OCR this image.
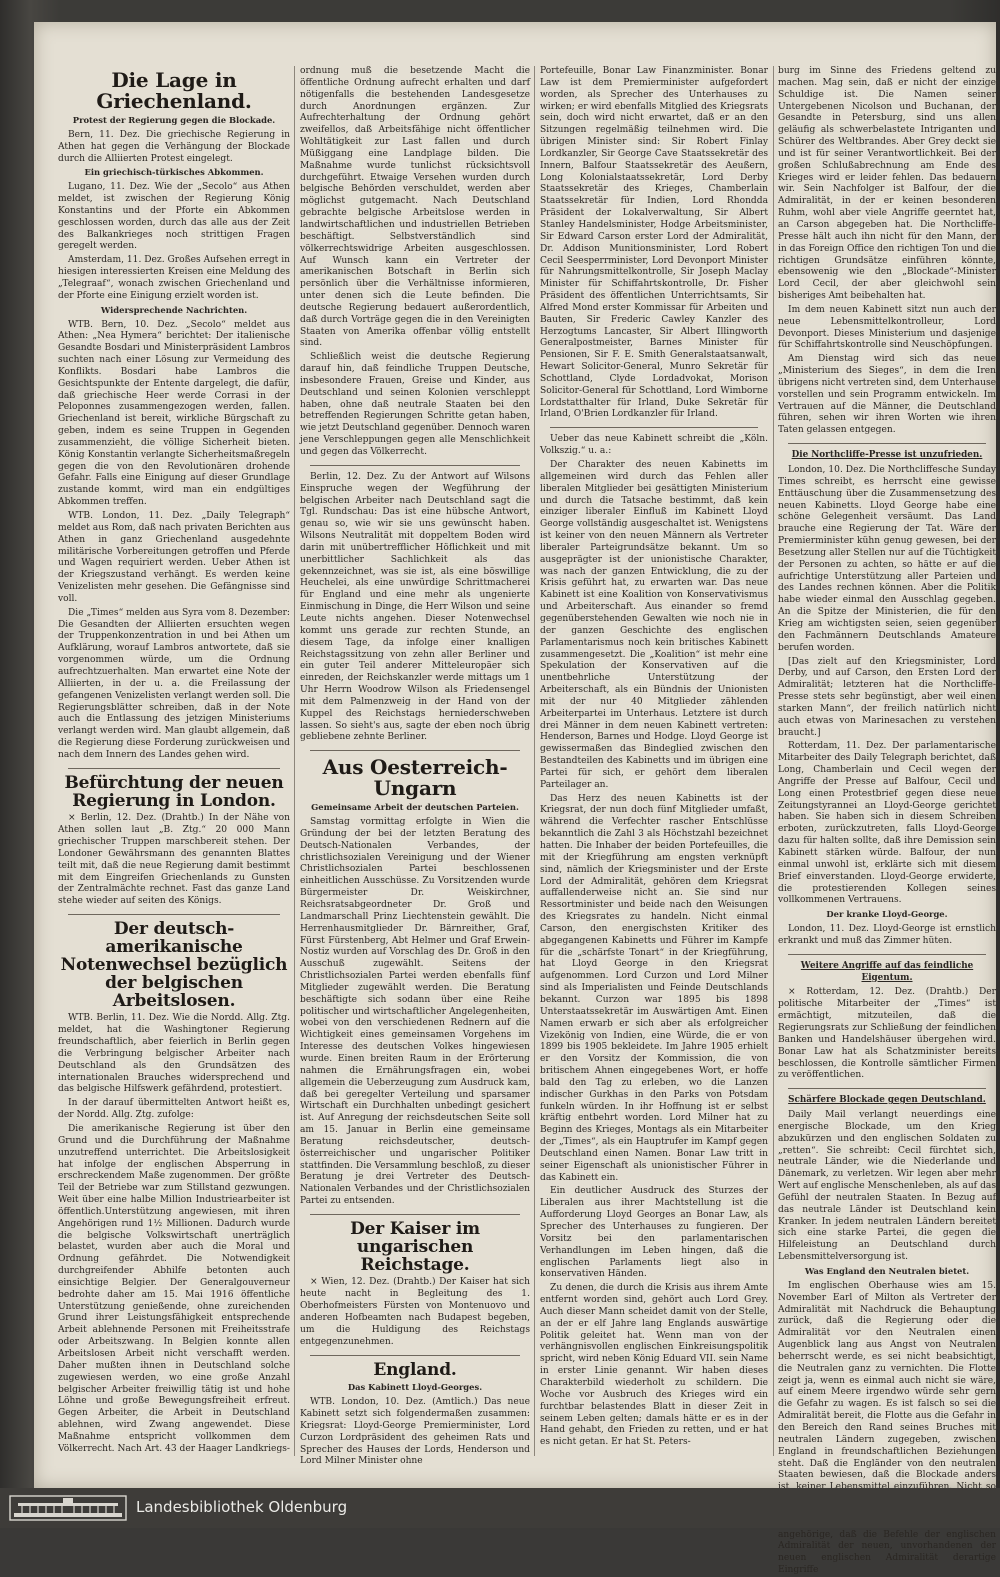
Die Lage in Griechenland.
Protest der Regierung gegen die Blockade.

Bern, 11. Dez. Die griechische Regierung in Athen hat gegen die Verhängung der Blockade durch die Alliierten Protest eingelegt.

Ein griechisch-türkisches Abkommen.

Lugano, 11. Dez. Wie der „Secolo“ aus Athen meldet, ist zwischen der Regierung König Konstantins und der Pforte ein Abkommen geschlossen worden, durch das alle aus der Zeit des Balkankrieges noch strittigen Fragen geregelt werden.

Amsterdam, 11. Dez. Großes Aufsehen erregt in hiesigen interessierten Kreisen eine Meldung des „Telegraaf“, wonach zwischen Griechenland und der Pforte eine Einigung erzielt worden ist.

Widersprechende Nachrichten.

WTB. Bern, 10. Dez. „Secolo“ meldet aus Athen: „Nea Hymera“ berichtet: Der italienische Gesandte Bosdari und Ministerpräsident Lambros suchten nach einer Lösung zur Vermeidung des Konflikts. Bosdari habe Lambros die Gesichtspunkte der Entente dargelegt, die dafür, daß griechische Heer werde Corrasi in der Peloponnes zusammengezogen werden, fallen. Griechenland ist bereit, wirkliche Bürgschaft zu geben, indem es seine Truppen in Gegenden zusammenzieht, die völlige Sicherheit bieten. König Konstantin verlangte Sicherheitsmaßregeln gegen die von den Revolutionären drohende Gefahr. Falls eine Einigung auf dieser Grundlage zustande kommt, wird man ein endgültiges Abkommen treffen.

WTB. London, 11. Dez. „Daily Telegraph“ meldet aus Rom, daß nach privaten Berichten aus Athen in ganz Griechenland ausgedehnte militärische Vorbereitungen getroffen und Pferde und Wagen requiriert werden. Ueber Athen ist der Kriegszustand verhängt. Es werden keine Venizelisten mehr gesehen. Die Gefängnisse sind voll.

Die „Times“ melden aus Syra vom 8. Dezember: Die Gesandten der Alliierten ersuchten wegen der Truppenkonzentration in und bei Athen um Aufklärung, worauf Lambros antwortete, daß sie vorgenommen würde, um die Ordnung aufrechtzuerhalten. Man erwartet eine Note der Alliierten, in der u. a. die Freilassung der gefangenen Venizelisten verlangt werden soll. Die Regierungsblätter schreiben, daß in der Note auch die Entlassung des jetzigen Ministeriums verlangt werden wird. Man glaubt allgemein, daß die Regierung diese Forderung zurückweisen und nach dem Innern des Landes gehen wird.

Befürchtung der neuen Regierung in London.

× Berlin, 12. Dez. (Drahtb.) In der Nähe von Athen sollen laut „B. Ztg.“ 20 000 Mann griechischer Truppen marschbereit stehen. Der Londoner Gewährsmann des genannten Blattes teilt mit, daß die neue Regierung damit bestimmt mit dem Eingreifen Griechenlands zu Gunsten der Zentralmächte rechnet. Fast das ganze Land stehe wieder auf seiten des Königs.

Der deutsch-amerikanische Notenwechsel bezüglich der belgischen Arbeitslosen.

WTB. Berlin, 11. Dez. Wie die Nordd. Allg. Ztg. meldet, hat die Washingtoner Regierung freundschaftlich, aber feierlich in Berlin gegen die Verbringung belgischer Arbeiter nach Deutschland als den Grundsätzen des internationalen Brauches widersprechend und das belgische Hilfswerk gefährdend, protestiert.

In der darauf übermittelten Antwort heißt es, der Nordd. Allg. Ztg. zufolge:

Die amerikanische Regierung ist über den Grund und die Durchführung der Maßnahme unzutreffend unterrichtet. Die Arbeitslosigkeit hat infolge der englischen Absperrung in erschreckendem Maße zugenommen. Der größte Teil der Betriebe war zum Stillstand gezwungen. Weit über eine halbe Million Industriearbeiter ist öffentlich.Unterstützung angewiesen, mit ihren Angehörigen rund 1½ Millionen. Dadurch wurde die belgische Volkswirtschaft unerträglich belastet, wurden aber auch die Moral und Ordnung gefährdet. Die Notwendigkeit durchgreifender Abhilfe betonten auch einsichtige Belgier. Der Generalgouverneur bedrohte daher am 15. Mai 1916 öffentliche Unterstützung genießende, ohne zureichenden Grund ihrer Leistungsfähigkeit entsprechende Arbeit ablehnende Personen mit Freiheitsstrafe oder Arbeitszwang. In Belgien konnte allen Arbeitslosen Arbeit nicht verschafft werden. Daher mußten ihnen in Deutschland solche zugewiesen werden, wo eine große Anzahl belgischer Arbeiter freiwillig tätig ist und hohe Löhne und große Bewegungsfreiheit erfreut. Gegen Arbeiter, die Arbeit in Deutschland ablehnen, wird Zwang angewendet. Diese Maßnahme entspricht vollkommen dem Völkerrecht. Nach Art. 43 der Haager Landkriegs-

ordnung muß die besetzende Macht die öffentliche Ordnung aufrecht erhalten und darf nötigenfalls die bestehenden Landesgesetze durch Anordnungen ergänzen. Zur Aufrechterhaltung der Ordnung gehört zweifellos, daß Arbeitsfähige nicht öffentlicher Wohltätigkeit zur Last fallen und durch Müßiggang eine Landplage bilden. Die Maßnahme wurde tunlichst rücksichtsvoll durchgeführt. Etwaige Versehen wurden durch belgische Behörden verschuldet, werden aber möglichst gutgemacht. Nach Deutschland gebrachte belgische Arbeitslose werden in landwirtschaftlichen und industriellen Betrieben beschäftigt. Selbstverständlich sind völkerrechtswidrige Arbeiten ausgeschlossen. Auf Wunsch kann ein Vertreter der amerikanischen Botschaft in Berlin sich persönlich über die Verhältnisse informieren, unter denen sich die Leute befinden. Die deutsche Regierung bedauert außerordentlich, daß durch Vorträge gegen die in den Vereinigten Staaten von Amerika offenbar völlig entstellt sind.

Schließlich weist die deutsche Regierung darauf hin, daß feindliche Truppen Deutsche, insbesondere Frauen, Greise und Kinder, aus Deutschland und seinen Kolonien verschleppt haben, ohne daß neutrale Staaten bei den betreffenden Regierungen Schritte getan haben, wie jetzt Deutschland gegenüber. Dennoch waren jene Verschleppungen gegen alle Menschlichkeit und gegen das Völkerrecht.

Berlin, 12. Dez. Zu der Antwort auf Wilsons Einspruche wegen der Wegführung der belgischen Arbeiter nach Deutschland sagt die Tgl. Rundschau: Das ist eine hübsche Antwort, genau so, wie wir sie uns gewünscht haben. Wilsons Neutralität mit doppeltem Boden wird darin mit unübertrefflicher Höflichkeit und mit unerbittlicher Sachlichkeit als das gekennzeichnet, was sie ist, als eine böswillige Heuchelei, als eine unwürdige Schrittmacherei für England und eine mehr als ungenierte Einmischung in Dinge, die Herr Wilson und seine Leute nichts angehen. Dieser Notenwechsel kommt uns gerade zur rechten Stunde, an diesem Tage, da infolge einer knalligen Reichstagssitzung von zehn aller Berliner und ein guter Teil anderer Mitteleuropäer sich einreden, der Reichskanzler werde mittags um 1 Uhr Herrn Woodrow Wilson als Friedensengel mit dem Palmenzweig in der Hand von der Kuppel des Reichstags herniederschweben lassen. So sieht's aus, sagte der eben noch übrig gebliebene zehnte Berliner.

Aus Oesterreich-Ungarn
Gemeinsame Arbeit der deutschen Parteien.

Samstag vormittag erfolgte in Wien die Gründung der bei der letzten Beratung des Deutsch-Nationalen Verbandes, der christlichsozialen Vereinigung und der Wiener Christlichsozialen Partei beschlossenen einheitlichen Ausschüsse. Zu Vorsitzenden wurde Bürgermeister Dr. Weiskirchner, Reichsratsabgeordneter Dr. Groß und Landmarschall Prinz Liechtenstein gewählt. Die Herrenhausmitglieder Dr. Bärnreither, Graf, Fürst Fürstenberg, Abt Helmer und Graf Erwein-Nostiz wurden auf Vorschlag des Dr. Groß in den Ausschuß zugewählt. Seitens der Christlichsozialen Partei werden ebenfalls fünf Mitglieder zugewählt werden. Die Beratung beschäftigte sich sodann über eine Reihe politischer und wirtschaftlicher Angelegenheiten, wobei von den verschiedenen Rednern auf die Wichtigkeit eines gemeinsamen Vorgehens im Interesse des deutschen Volkes hingewiesen wurde. Einen breiten Raum in der Erörterung nahmen die Ernährungsfragen ein, wobei allgemein die Ueberzeugung zum Ausdruck kam, daß bei geregelter Verteilung und sparsamer Wirtschaft ein Durchhalten unbedingt gesichert ist. Auf Anregung der reichsdeutschen Seite soll am 15. Januar in Berlin eine gemeinsame Beratung reichsdeutscher, deutsch-österreichischer und ungarischer Politiker stattfinden. Die Versammlung beschloß, zu dieser Beratung je drei Vertreter des Deutsch-Nationalen Verbandes und der Christlichsozialen Partei zu entsenden.

Der Kaiser im ungarischen Reichstage.

× Wien, 12. Dez. (Drahtb.) Der Kaiser hat sich heute nacht in Begleitung des 1. Oberhofmeisters Fürsten von Montenuovo und anderen Hofbeamten nach Budapest begeben, um die Huldigung des Reichstags entgegenzunehmen.

England.
Das Kabinett Lloyd-Georges.

WTB. London, 10. Dez. (Amtlich.) Das neue Kabinett setzt sich folgendermaßen zusammen: Kriegsrat: Lloyd-George Premierminister, Lord Curzon Lordpräsident des geheimen Rats und Sprecher des Hauses der Lords, Henderson und Lord Milner Minister ohne

Portefeuille, Bonar Law Finanzminister. Bonar Law ist dem Premierminister aufgefordert worden, als Sprecher des Unterhauses zu wirken; er wird ebenfalls Mitglied des Kriegsrats sein, doch wird nicht erwartet, daß er an den Sitzungen regelmäßig teilnehmen wird. Die übrigen Minister sind: Sir Robert Finlay Lordkanzler, Sir George Cave Staatssekretär des Innern, Balfour Staatssekretär des Aeußern, Long Kolonialstaatssekretär, Lord Derby Staatssekretär des Krieges, Chamberlain Staatssekretär für Indien, Lord Rhondda Präsident der Lokalverwaltung, Sir Albert Stanley Handelsminister, Hodge Arbeitsminister, Sir Edward Carson erster Lord der Admiralität, Dr. Addison Munitionsminister, Lord Robert Cecil Seesperrminister, Lord Devonport Minister für Nahrungsmittelkontrolle, Sir Joseph Maclay Minister für Schiffahrtskontrolle, Dr. Fisher Präsident des öffentlichen Unterrichtsamts, Sir Alfred Mond erster Kommissar für Arbeiten und Bauten, Sir Frederic Cawley Kanzler des Herzogtums Lancaster, Sir Albert Illingworth Generalpostmeister, Barnes Minister für Pensionen, Sir F. E. Smith Generalstaatsanwalt, Hewart Solicitor-General, Munro Sekretär für Schottland, Clyde Lordadvokat, Morison Solicitor-General für Schottland, Lord Wimborne Lordstatthalter für Irland, Duke Sekretär für Irland, O'Brien Lordkanzler für Irland.

Ueber das neue Kabinett schreibt die „Köln. Volkszig.“ u. a.:

Der Charakter des neuen Kabinetts im allgemeinen wird durch das Fehlen aller liberalen Mitglieder bei gesättigten Ministerium und durch die Tatsache bestimmt, daß kein einziger liberaler Einfluß im Kabinett Lloyd George vollständig ausgeschaltet ist. Wenigstens ist keiner von den neuen Männern als Vertreter liberaler Parteigrundsätze bekannt. Um so ausgeprägter ist der unionistische Charakter, was nach der ganzen Entwicklung, die zu der Krisis geführt hat, zu erwarten war. Das neue Kabinett ist eine Koalition von Konservativismus und Arbeiterschaft. Aus einander so fremd gegenüberstehenden Gewalten wie noch nie in der ganzen Geschichte des englischen Parlamentarismus noch kein britisches Kabinett zusammengesetzt. Die „Koalition“ ist mehr eine Spekulation der Konservativen auf die unentbehrliche Unterstützung der Arbeiterschaft, als ein Bündnis der Unionisten mit der nur 40 Mitglieder zählenden Arbeiterpartei im Unterhaus. Letztere ist durch drei Männer in dem neuen Kabinett vertreten: Henderson, Barnes und Hodge. Lloyd George ist gewissermaßen das Bindeglied zwischen den Bestandteilen des Kabinetts und im übrigen eine Partei für sich, er gehört dem liberalen Parteilager an.

Das Herz des neuen Kabinetts ist der Kriegsrat, der nun doch fünf Mitglieder umfaßt, während die Verfechter rascher Entschlüsse bekanntlich die Zahl 3 als Höchstzahl bezeichnet hatten. Die Inhaber der beiden Portefeuilles, die mit der Kriegführung am engsten verknüpft sind, nämlich der Kriegsminister und der Erste Lord der Admiralität, gehören dem Kriegsrat auffallenderweise nicht an. Sie sind nur Ressortminister und beide nach den Weisungen des Kriegsrates zu handeln. Nicht einmal Carson, den energischsten Kritiker des abgegangenen Kabinetts und Führer im Kampfe für die „schärfste Tonart“ in der Kriegführung, hat Lloyd George in den Kriegsrat aufgenommen. Lord Curzon und Lord Milner sind als Imperialisten und Feinde Deutschlands bekannt. Curzon war 1895 bis 1898 Unterstaatssekretär im Auswärtigen Amt. Einen Namen erwarb er sich aber als erfolgreicher Vizekönig von Indien, eine Würde, die er von 1899 bis 1905 bekleidete. Im Jahre 1905 erhielt er den Vorsitz der Kommission, die von britischem Ahnen eingegebenes Wort, er hoffe bald den Tag zu erleben, wo die Lanzen indischer Gurkhas in den Parks von Potsdam funkeln würden. In ihr Hoffnung ist er selbst kräftig entbehrt worden. Lord Milner hat zu Beginn des Krieges, Montags als ein Mitarbeiter der „Times“, als ein Hauptrufer im Kampf gegen Deutschland einen Namen. Bonar Law tritt in seiner Eigenschaft als unionistischer Führer in das Kabinett ein.

Ein deutlicher Ausdruck des Sturzes der Liberalen aus ihrer Machtstellung ist die Aufforderung Lloyd Georges an Bonar Law, als Sprecher des Unterhauses zu fungieren. Der Vorsitz bei den parlamentarischen Verhandlungen im Leben hingen, daß die englischen Parlaments liegt also in konservativen Händen.

Zu denen, die durch die Krisis aus ihrem Amte entfernt worden sind, gehört auch Lord Grey. Auch dieser Mann scheidet damit von der Stelle, an der er elf Jahre lang Englands auswärtige Politik geleitet hat. Wenn man von der verhängnisvollen englischen Einkreisungspolitik spricht, wird neben König Eduard VII. sein Name in erster Linie genannt. Wir haben dieses Charakterbild wiederholt zu schildern. Die Woche vor Ausbruch des Krieges wird ein furchtbar belastendes Blatt in dieser Zeit in seinem Leben gelten; damals hätte er es in der Hand gehabt, den Frieden zu retten, und er hat es nicht getan. Er hat St. Peters-

burg im Sinne des Friedens geltend zu machen. Mag sein, daß er nicht der einzige Schuldige ist. Die Namen seiner Untergebenen Nicolson und Buchanan, der Gesandte in Petersburg, sind uns allen geläufig als schwerbelastete Intriganten und Schürer des Weltbrandes. Aber Grey deckt sie und ist für seiner Verantwortlichkeit. Bei der großen Schlußabrechnung am Ende des Krieges wird er leider fehlen. Das bedauern wir. Sein Nachfolger ist Balfour, der die Admiralität, in der er keinen besonderen Ruhm, wohl aber viele Angriffe geerntet hat, an Carson abgegeben hat. Die Northcliffe-Presse hält auch ihn nicht für den Mann, der in das Foreign Office den richtigen Ton und die richtigen Grundsätze einführen könnte, ebensowenig wie den „Blockade“-Minister Lord Cecil, der aber gleichwohl sein bisheriges Amt beibehalten hat.

Im dem neuen Kabinett sitzt nun auch der neue Lebensmittelkontrolleur, Lord Devonport. Dieses Ministerium und dasjenige für Schiffahrtskontrolle sind Neuschöpfungen.

Am Dienstag wird sich das neue „Ministerium des Sieges“, in dem die Iren übrigens nicht vertreten sind, dem Unterhause vorstellen und sein Programm entwickeln. Im Vertrauen auf die Männer, die Deutschland führen, sehen wir ihren Worten wie ihren Taten gelassen entgegen.

Die Northcliffe-Presse ist unzufrieden.

London, 10. Dez. Die Northcliffesche Sunday Times schreibt, es herrscht eine gewisse Enttäuschung über die Zusammensetzung des neuen Kabinetts. Lloyd George habe eine schöne Gelegenheit versäumt. Das Land brauche eine Regierung der Tat. Wäre der Premierminister kühn genug gewesen, bei der Besetzung aller Stellen nur auf die Tüchtigkeit der Personen zu achten, so hätte er auf die aufrichtige Unterstützung aller Parteien und des Landes rechnen können. Aber die Politik habe wieder einmal den Ausschlag gegeben. An die Spitze der Ministerien, die für den Krieg am wichtigsten seien, seien gegenüber den Fachmännern Deutschlands Amateure berufen worden.

[Das zielt auf den Kriegsminister, Lord Derby, und auf Carson, den Ersten Lord der Admiralität; letzteren hat die Northcliffe-Presse stets sehr begünstigt, aber weil einen starken Mann“, der freilich natürlich nicht auch etwas von Marinesachen zu verstehen braucht.]

Rotterdam, 11. Dez. Der parlamentarische Mitarbeiter des Daily Telegraph berichtet, daß Long, Chamberlain und Cecil wegen der Angriffe der Presse auf Balfour, Cecil und Long einen Protestbrief gegen diese neue Zeitungstyrannei an Lloyd-George gerichtet haben. Sie haben sich in diesem Schreiben erboten, zurückzutreten, falls Lloyd-George dazu für halten sollte, daß ihre Demission sein Kabinett stärken würde. Balfour, der nun einmal unwohl ist, erklärte sich mit diesem Brief einverstanden. Lloyd-George erwiderte, die protestierenden Kollegen seines vollkommenen Vertrauens.

Der kranke Lloyd-George.

London, 11. Dez. Lloyd-George ist ernstlich erkrankt und muß das Zimmer hüten.

Weitere Angriffe auf das feindliche Eigentum.

× Rotterdam, 12. Dez. (Drahtb.) Der politische Mitarbeiter der „Times“ ist ermächtigt, mitzuteilen, daß die Regierungsrats zur Schließung der feindlichen Banken und Handelshäuser übergehen wird. Bonar Law hat als Schatzminister bereits beschlossen, die Kontrolle sämtlicher Firmen zu veröffentlichen.

Schärfere Blockade gegen Deutschland.

Daily Mail verlangt neuerdings eine energische Blockade, um den Krieg abzukürzen und den englischen Soldaten zu „retten“. Sie schreibt: Cecil fürchtet sich, neutrale Länder, wie die Niederlande und Dänemark, zu verletzen. Wir legen aber mehr Wert auf englische Menschenleben, als auf das Gefühl der neutralen Staaten. In Bezug auf das neutrale Länder ist Deutschland kein Kranker. In jedem neutralen Ländern bereitet sich eine starke Partei, die gegen die Hilfeleistung an Deutschland durch Lebensmittelversorgung ist.

Was England den Neutralen bietet.

Im englischen Oberhause wies am 15. November Earl of Milton als Vertreter der Admiralität mit Nachdruck die Behauptung zurück, daß die Regierung oder die Admiralität vor den Neutralen einen Augenblick lang aus Angst von Neutralen beherrscht werde, es sei nicht beabsichtigt, die Neutralen ganz zu vernichten. Die Flotte zeigt ja, wenn es einmal auch nicht sie wäre, auf einem Meere irgendwo würde sehr gern die Gefahr zu wagen. Es ist falsch so sei die Admiralität bereit, die Flotte aus die Gefahr in den Bereich den Rand seines Bruches mit neutralen Ländern zugegeben, zwischen England in freundschaftlichen Beziehungen steht. Daß die Engländer von den neutralen Staaten bewiesen, daß die Blockade anders angehörige, daß die Befehle der englischen Admiralität der neuen, unvorhandenen der neuen englischen Admiralität derartige Eingriffe

Landesbibliothek Oldenburg
